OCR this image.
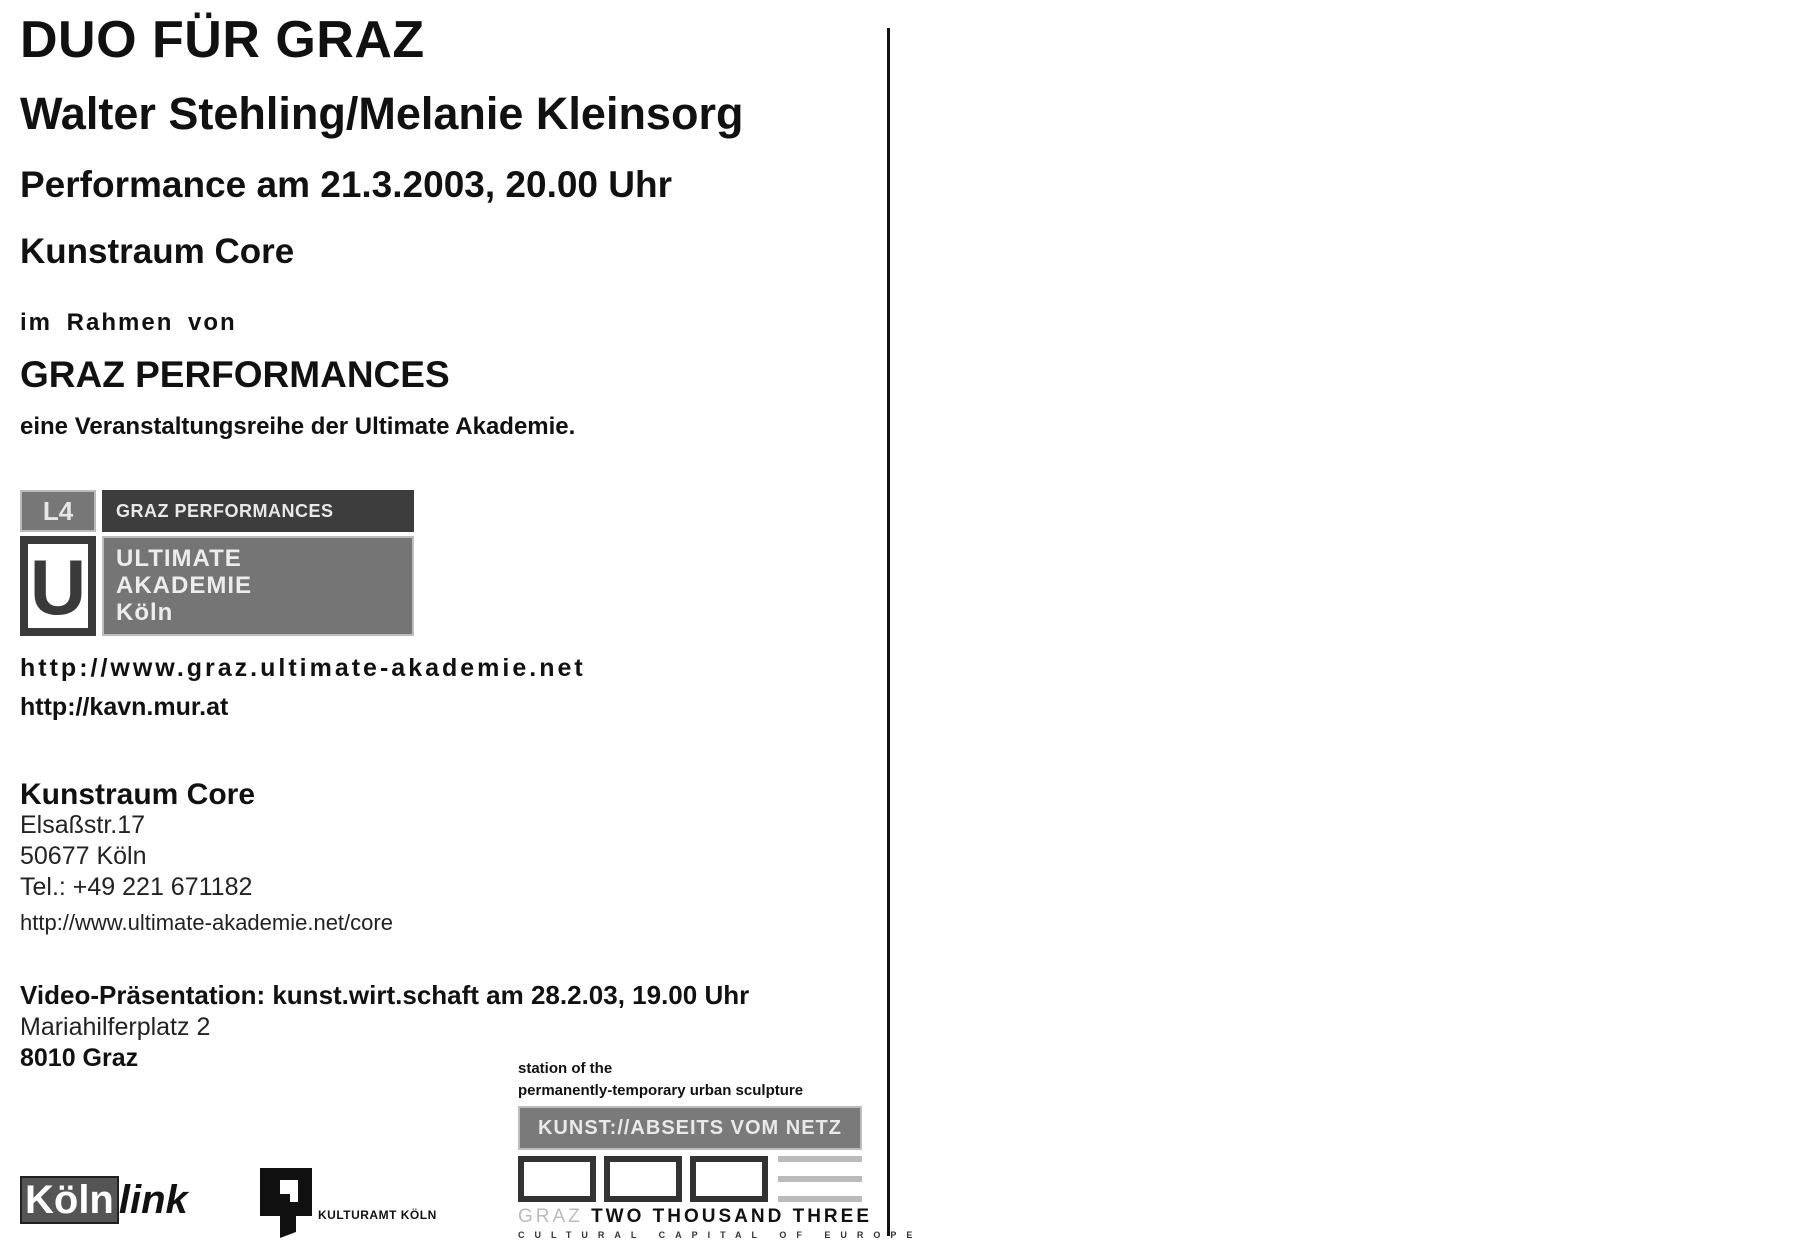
DUO FÜR GRAZ
Walter Stehling/Melanie Kleinsorg
Performance am 21.3.2003, 20.00 Uhr
Kunstraum Core
im Rahmen von
GRAZ PERFORMANCES
eine Veranstaltungsreihe der Ultimate Akademie.
L4	GRAZ PERFORMANCES
U	ULTIMATE
AKADEMIE
Köln
http://www.graz.ultimate-akademie.net
http://kavn.mur.at
Kunstraum Core
Elsaßstr.17
50677 Köln
Tel.: +49 221 671182
http://www.ultimate-akademie.net/core
Video-Präsentation: kunst.wirt.schaft am 28.2.03, 19.00 Uhr
Mariahilferplatz 2
8010 Graz
Köln link	KULTURAMT KÖLN
station of the
permanently-temporary urban sculpture
KUNST://ABSEITS VOM NETZ
GRAZ TWO THOUSAND THREE
CULTURAL CAPITAL OF EUROPE
